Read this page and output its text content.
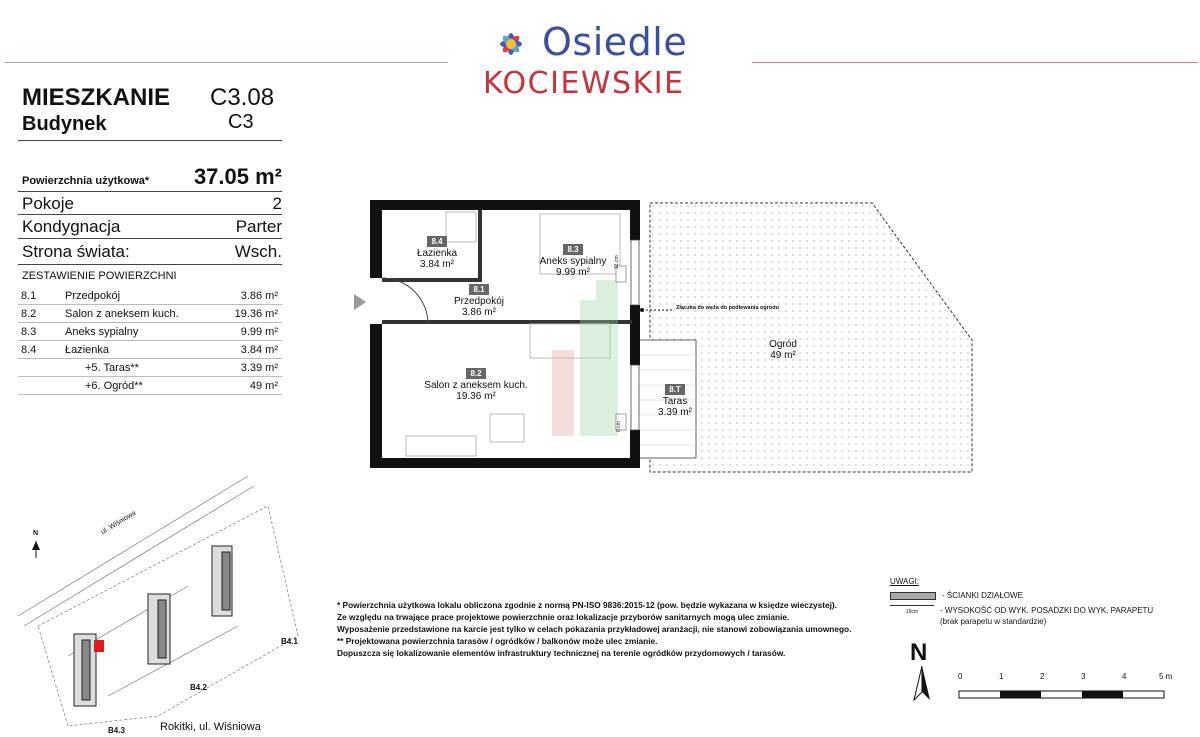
Osiedle
KOCIEWSKIE
MIESZKANIE C3.08
Budynek	C3
Powierzchnia użytkowa* 37.05 m²
Pokoje	2
Kondygnacja	Parter
Strona świata:	Wsch.
ZESTAWIENIE POWIERZCHNI
8.1	Przedpokój	3.86 m²
8.2	Salon z aneksem kuch.	19.36 m²
8.3	Aneks sypialny	9.99 m²
8.4	Łazienka	3.84 m²
+5. Taras**	3.39 m²
+6. Ogród**	49 m²
8.4
Łazienka
3.84 m²
8.3
Aneks sypialny
9.99 m²
8.1
Przedpokój
3.86 m²
8.2
Salon z aneksem kuch.
19.36 m²
8.T
Taras
3.39 m²
Ogród
49 m²
Złączka do węża do podlewania ogrodu
16 cm
0 cm
N	ul. Wiśniowa
B4.1
B4.2
B4.3	Rokitki, ul. Wiśniowa
* Powierzchnia użytkowa lokalu obliczona zgodnie z normą PN-ISO 9836:2015-12 (pow. będzie wykazana w księdze wieczystej).
Ze względu na trwające prace projektowe powierzchnie oraz lokalizacje przyborów sanitarnych mogą ulec zmianie.
Wyposażenie przedstawione na karcie jest tylko w celach pokazania przykładowej aranżacji, nie stanowi zobowiązania umownego.
** Projektowana powierzchnia tarasów / ogródków / balkonów może ulec zmianie.
Dopuszcza się lokalizowanie elementów infrastruktury technicznej na terenie ogródków przydomowych / tarasów.
UWAGI:
- ŚCIANKI DZIAŁOWE
15cm	- WYSOKOŚĆ OD WYK. POSADZKI DO WYK. PARAPETU
(brak parapetu w standardzie)
N
0	1	2	3	4	5 m
